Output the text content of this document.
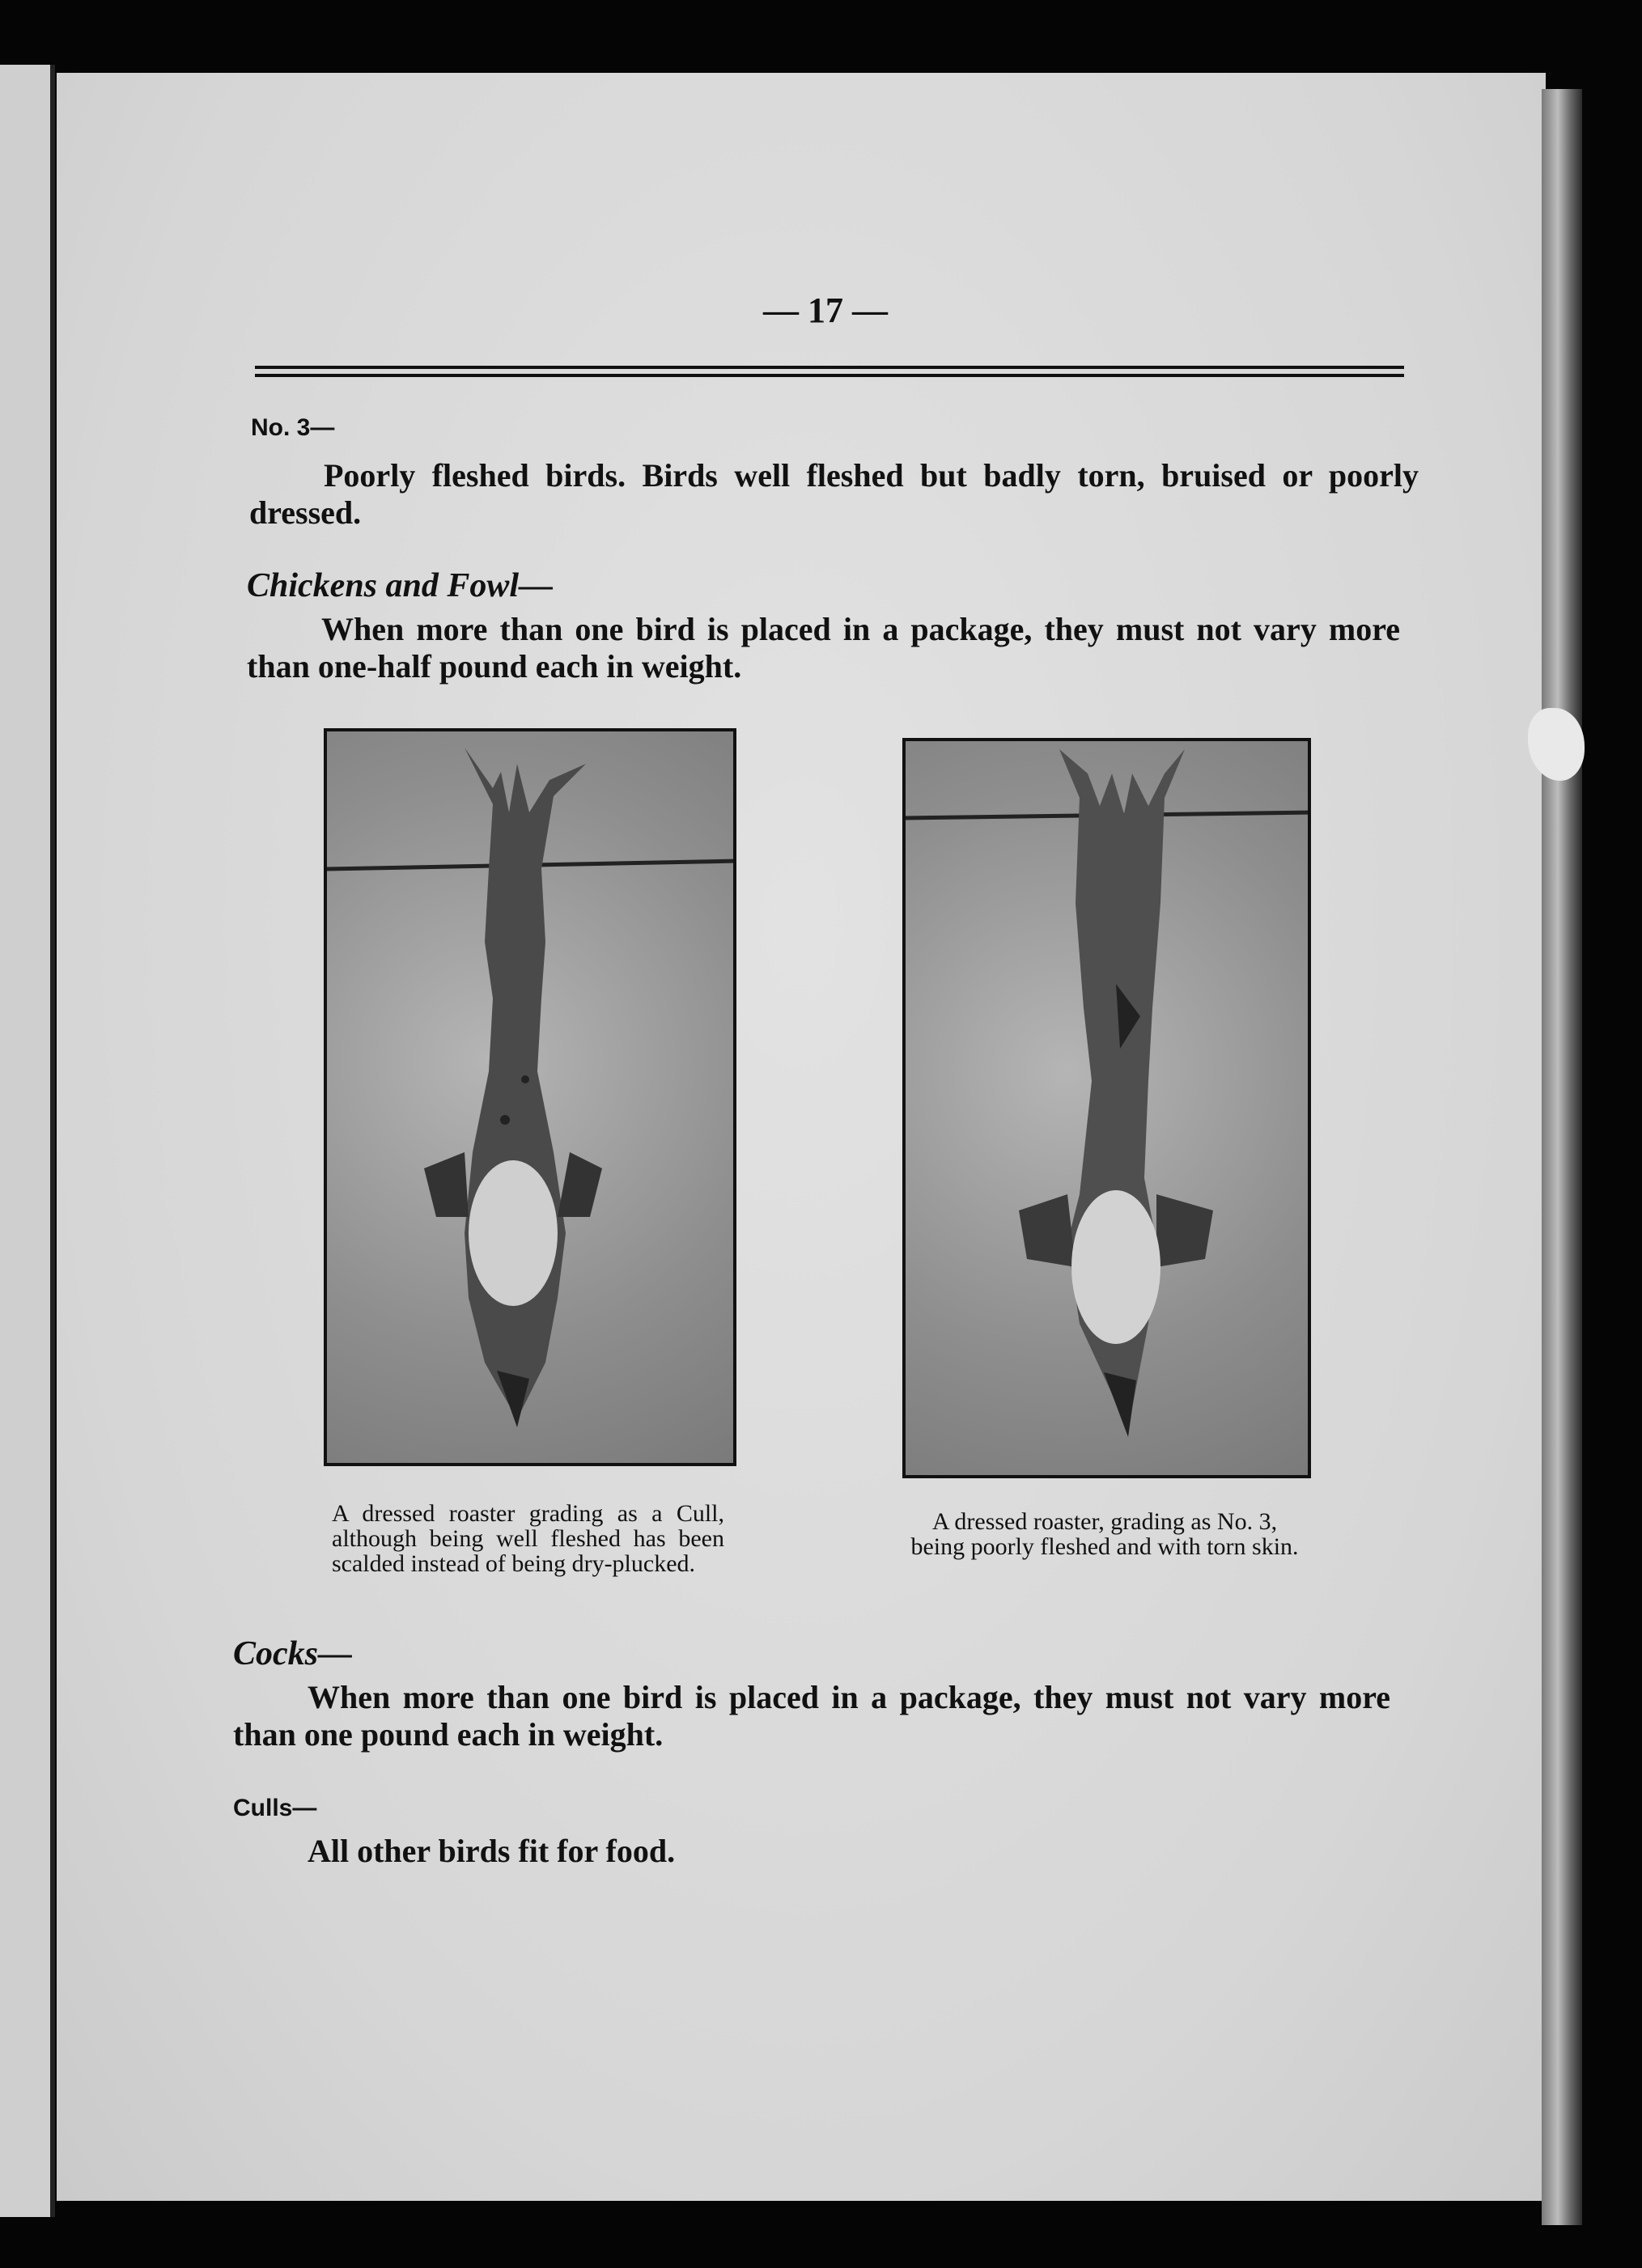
— 17 —
No. 3—
Poorly fleshed birds. Birds well fleshed but badly torn, bruised or poorly dressed.
Chickens and Fowl—
When more than one bird is placed in a package, they must not vary more than one-half pound each in weight.
A dressed roaster grading as a Cull, although being well fleshed has been scalded instead of being dry-plucked.
A dressed roaster, grading as No. 3, being poorly fleshed and with torn skin.
Cocks—
When more than one bird is placed in a package, they must not vary more than one pound each in weight.
Culls—
All other birds fit for food.
